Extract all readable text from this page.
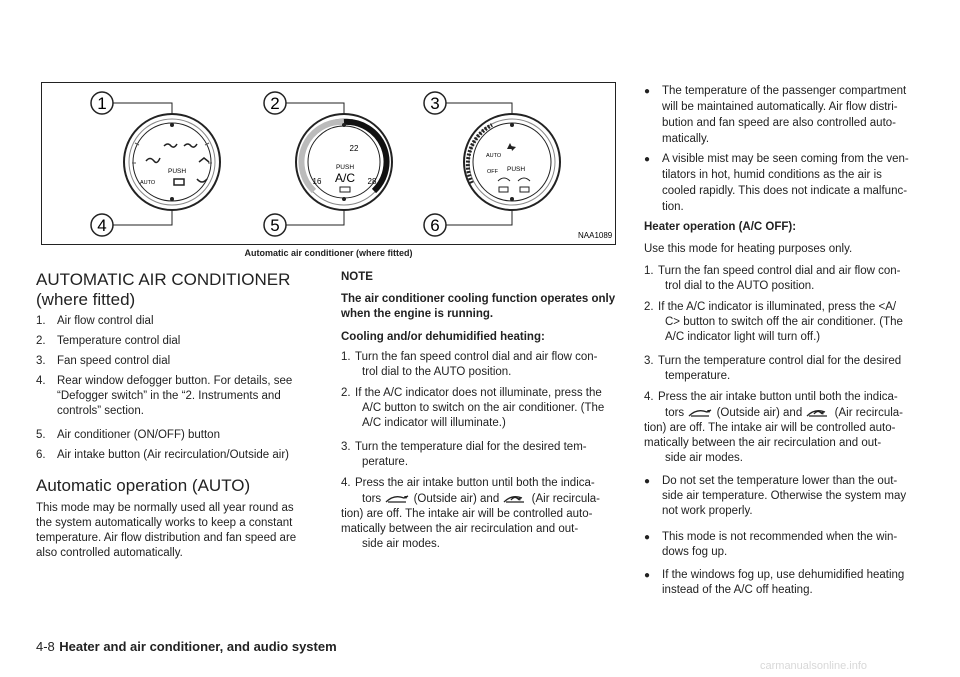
1	2	3
4	5	6
PUSH
AUTO
22
PUSH
A/C
16	28
AUTO
OFF PUSH
NAA1089
Automatic air conditioner (where fitted)
AUTOMATIC AIR CONDITIONER
(where fitted)
1. Air flow control dial
2. Temperature control dial
3. Fan speed control dial
4. Rear window defogger button. For details, see
“Defogger switch” in the “2. Instruments and
controls” section.
5. Air conditioner (ON/OFF) button
6. Air intake button (Air recirculation/Outside air)
Automatic operation (AUTO)
This mode may be normally used all year round as
the system automatically works to keep a constant
temperature. Air flow distribution and fan speed are
also controlled automatically.
NOTE
The air conditioner cooling function operates only
when the engine is running.
Cooling and/or dehumidified heating:
1. Turn the fan speed control dial and air flow con-
trol dial to the AUTO position.
2. If the A/C indicator does not illuminate, press the
A/C button to switch on the air conditioner. (The
A/C indicator will illuminate.)
3. Turn the temperature dial for the desired tem-
perature.
4. Press the air intake button until both the indica-
tors	(Outside air) and	(Air recircula-
tion) are off. The intake air will be controlled auto-
matically between the air recirculation and out-
side air modes.
● The temperature of the passenger compartment
will be maintained automatically. Air flow distri-
bution and fan speed are also controlled auto-
matically.
● A visible mist may be seen coming from the ven-
tilators in hot, humid conditions as the air is
cooled rapidly. This does not indicate a malfunc-
tion.
Heater operation (A/C OFF):
Use this mode for heating purposes only.
1. Turn the fan speed control dial and air flow con-
trol dial to the AUTO position.
2. If the A/C indicator is illuminated, press the <A/
C> button to switch off the air conditioner. (The
A/C indicator light will turn off.)
3. Turn the temperature control dial for the desired
temperature.
4. Press the air intake button until both the indica-
tors	(Outside air) and	(Air recircula-
tion) are off. The intake air will be controlled auto-
matically between the air recirculation and out-
side air modes.
● Do not set the temperature lower than the out-
side air temperature. Otherwise the system may
not work properly.
● This mode is not recommended when the win-
dows fog up.
● If the windows fog up, use dehumidified heating
instead of the A/C off heating.
4-8 Heater and air conditioner, and audio system
carmanualsonline.info
